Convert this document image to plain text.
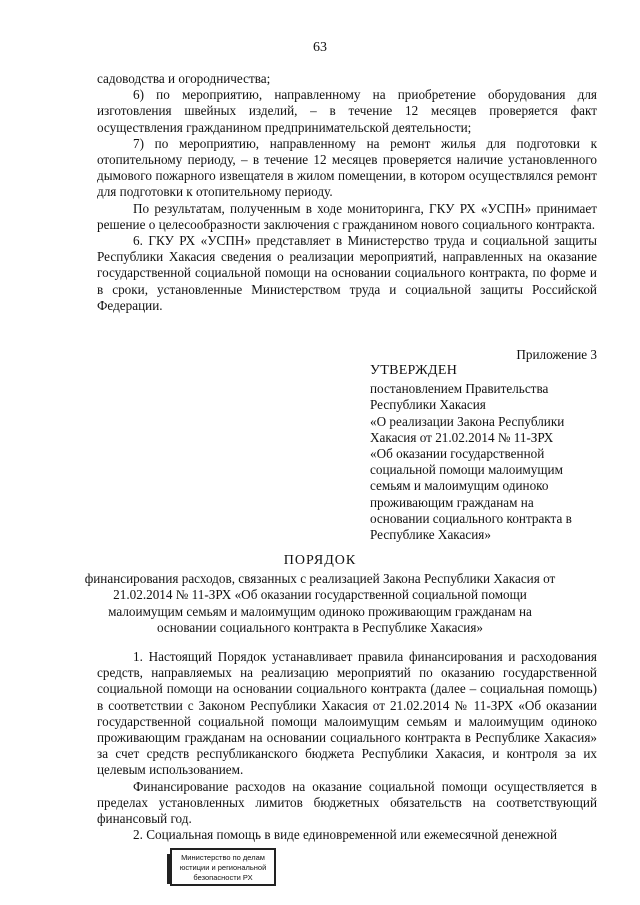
63

садоводства и огородничества;

6) по мероприятию, направленному на приобретение оборудования для изготовления швейных изделий, – в течение 12 месяцев проверяется факт осуществления гражданином предпринимательской деятельности;

7) по мероприятию, направленному на ремонт жилья для подготовки к отопительному периоду, – в течение 12 месяцев проверяется наличие установленного дымового пожарного извещателя в жилом помещении, в котором осуществлялся ремонт для подготовки к отопительному периоду.

По результатам, полученным в ходе мониторинга, ГКУ РХ «УСПН» принимает решение о целесообразности заключения с гражданином нового социального контракта.

6. ГКУ РХ «УСПН» представляет в Министерство труда и социальной защиты Республики Хакасия сведения о реализации мероприятий, направленных на оказание государственной социальной помощи на основании социального контракта, по форме и в сроки, установленные Министерством труда и социальной защиты Российской Федерации.

Приложение 3
УТВЕРЖДЕН
постановлением Правительства
Республики Хакасия
«О реализации Закона Республики
Хакасия от 21.02.2014 № 11-ЗРХ
«Об оказании государственной
социальной помощи малоимущим
семьям и малоимущим одиноко
проживающим гражданам на
основании социального контракта в
Республике Хакасия»
ПОРЯДОК
финансирования расходов, связанных с реализацией Закона Республики Хакасия от 21.02.2014 № 11-ЗРХ «Об оказании государственной социальной помощи малоимущим семьям и малоимущим одиноко проживающим гражданам на основании социального контракта в Республике Хакасия»

1. Настоящий Порядок устанавливает правила финансирования и расходования средств, направляемых на реализацию мероприятий по оказанию государственной социальной помощи на основании социального контракта (далее – социальная помощь) в соответствии с Законом Республики Хакасия от 21.02.2014 № 11-ЗРХ «Об оказании государственной социальной помощи малоимущим семьям и малоимущим одиноко проживающим гражданам на основании социального контракта в Республике Хакасия» за счет средств республиканского бюджета Республики Хакасия, и контроля за их целевым использованием.

Финансирование расходов на оказание социальной помощи осуществляется в пределах установленных лимитов бюджетных обязательств на соответствующий финансовый год.

2. Социальная помощь в виде единовременной или ежемесячной денежной

Министерство по делам
юстиции и региональной
безопасности РХ
